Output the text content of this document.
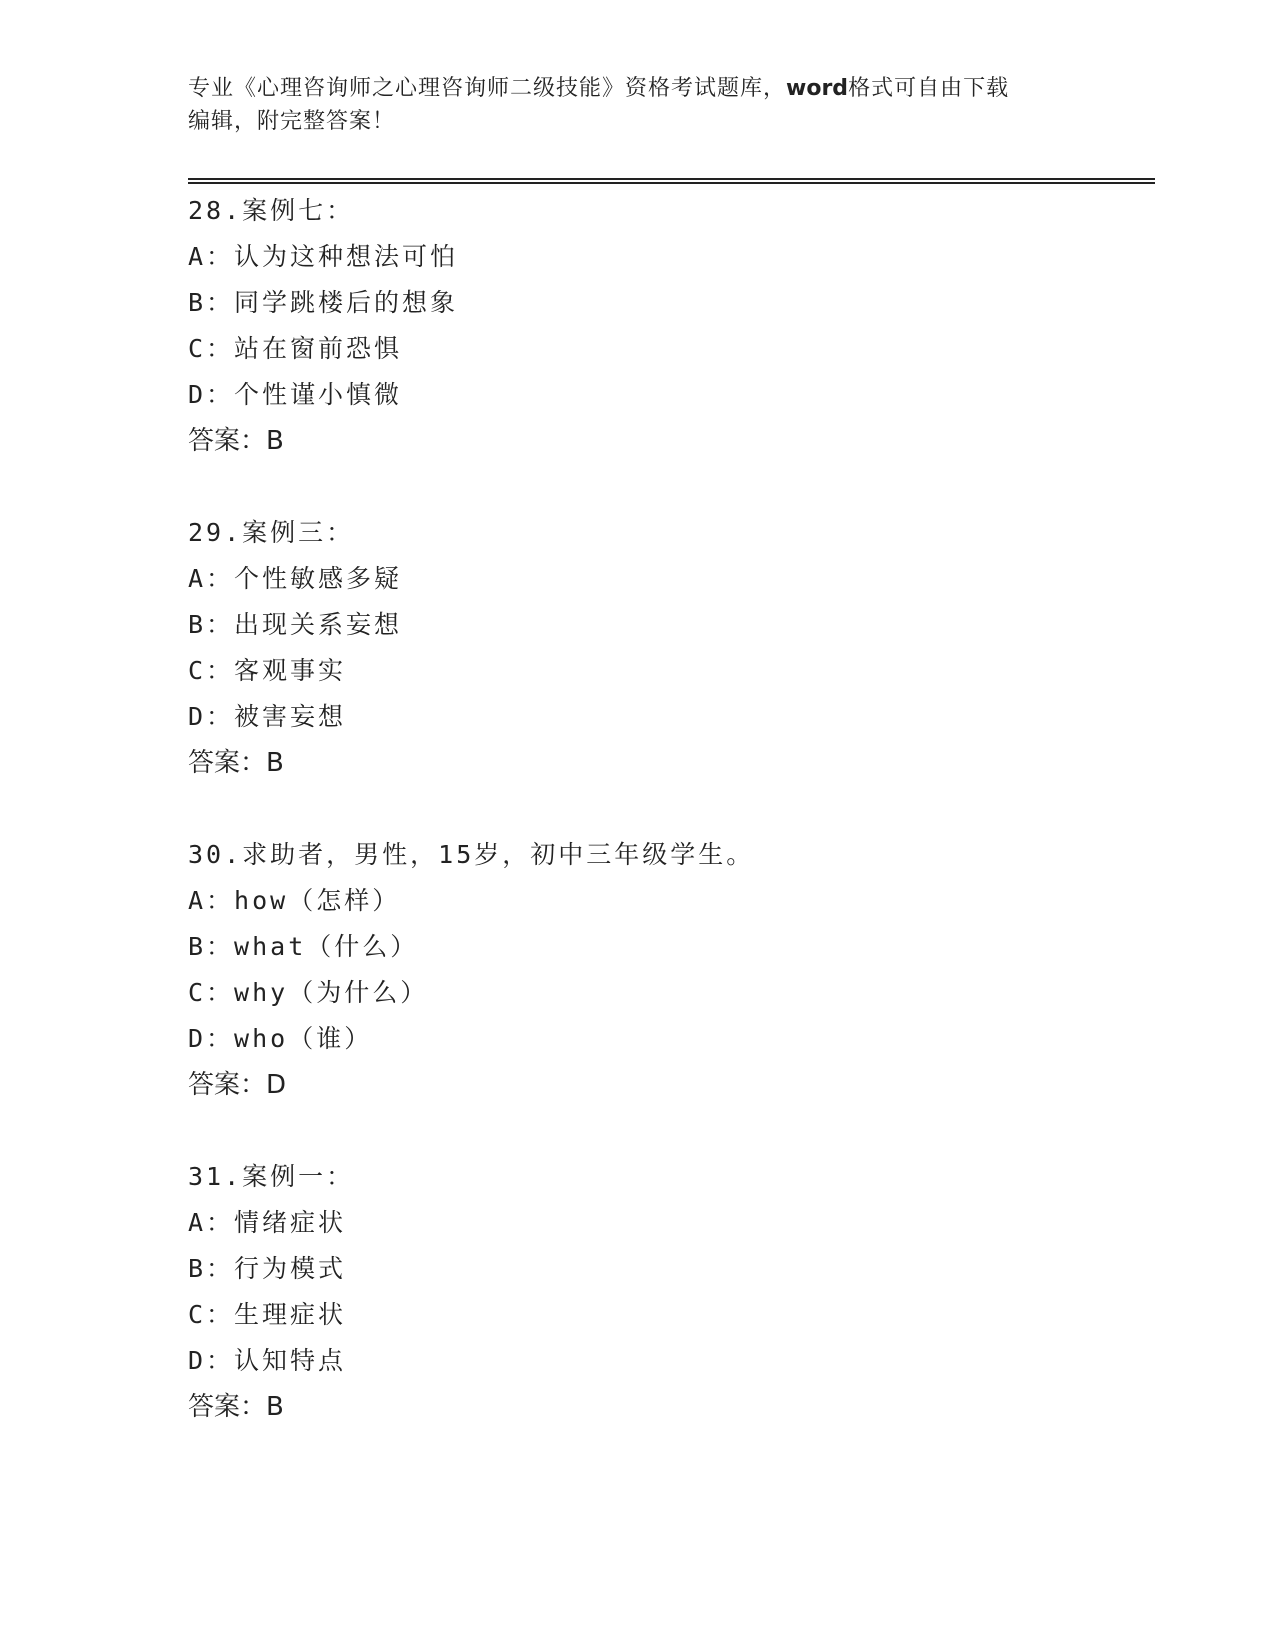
专业《心理咨询师之心理咨询师二级技能》资格考试题库，word格式可自由下载
编辑，附完整答案！
28.案例七：
A：认为这种想法可怕
B：同学跳楼后的想象
C：站在窗前恐惧
D：个性谨小慎微
答案：B
29.案例三：
A：个性敏感多疑
B：出现关系妄想
C：客观事实
D：被害妄想
答案：B
30.求助者，男性，15岁，初中三年级学生。
A：how（怎样）
B：what（什么）
C：why（为什么）
D：who（谁）
答案：D
31.案例一：
A：情绪症状
B：行为模式
C：生理症状
D：认知特点
答案：B
